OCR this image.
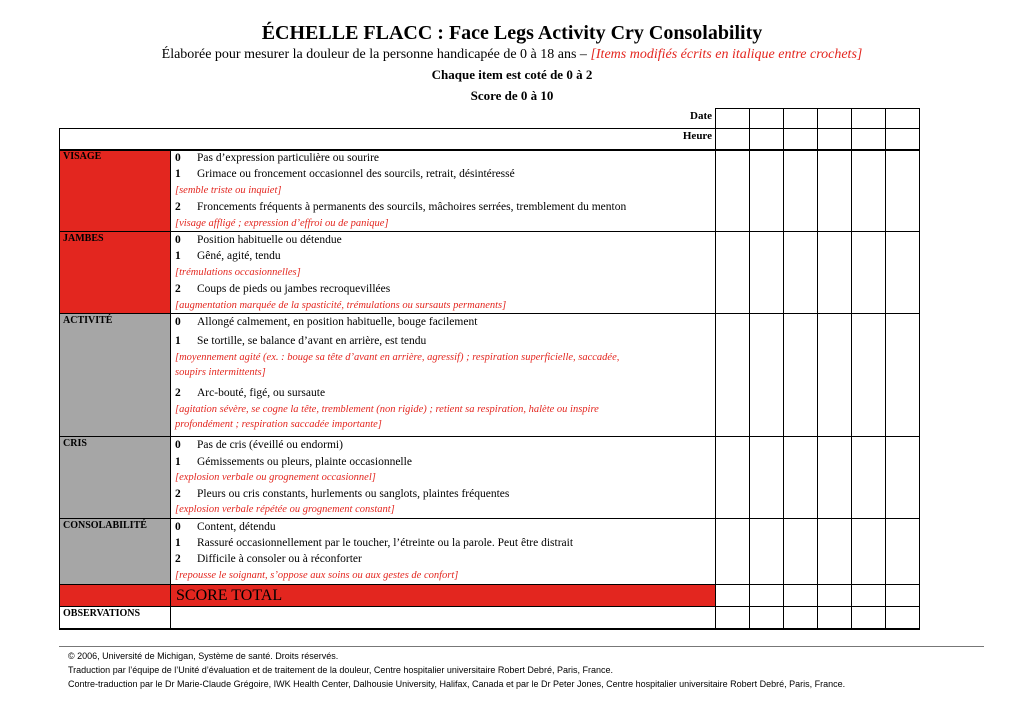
ÉCHELLE FLACC : Face Legs Activity Cry Consolability
Élaborée pour mesurer la douleur de la personne handicapée de 0 à 18 ans – [Items modifiés écrits en italique entre crochets]
Chaque item est coté de 0 à 2
Score de 0 à 10
VISAGE
JAMBES
ACTIVITÉ
CRIS
CONSOLABILITÉ
OBSERVATIONS
Date
Heure
0 Pas d’expression particulière ou sourire
1 Grimace ou froncement occasionnel des sourcils, retrait, désintéressé
[semble triste ou inquiet]
2 Froncements fréquents à permanents des sourcils, mâchoires serrées, tremblement du menton
[visage affligé ; expression d’effroi ou de panique]
0 Position habituelle ou détendue
1 Gêné, agité, tendu
[trémulations occasionnelles]
2 Coups de pieds ou jambes recroquevillées
[augmentation marquée de la spasticité, trémulations ou sursauts permanents]
0 Allongé calmement, en position habituelle, bouge facilement
1 Se tortille, se balance d’avant en arrière, est tendu
[moyennement agité (ex. : bouge sa tête d’avant en arrière, agressif) ; respiration superficielle, saccadée,
soupirs intermittents]
2 Arc-bouté, figé, ou sursaute
[agitation sévère, se cogne la tête, tremblement (non rigide) ; retient sa respiration, halète ou inspire
profondément ; respiration saccadée importante]
0 Pas de cris (éveillé ou endormi)
1 Gémissements ou pleurs, plainte occasionnelle
[explosion verbale ou grognement occasionnel]
2 Pleurs ou cris constants, hurlements ou sanglots, plaintes fréquentes
[explosion verbale répétée ou grognement constant]
0 Content, détendu
1 Rassuré occasionnellement par le toucher, l’étreinte ou la parole. Peut être distrait
2 Difficile à consoler ou à réconforter
[repousse le soignant, s’oppose aux soins ou aux gestes de confort]
SCORE TOTAL
© 2006, Université de Michigan, Système de santé. Droits réservés.
Traduction par l’équipe de l’Unité d’évaluation et de traitement de la douleur, Centre hospitalier universitaire Robert Debré, Paris, France.
Contre-traduction par le Dr Marie-Claude Grégoire, IWK Health Center, Dalhousie University, Halifax, Canada et par le Dr Peter Jones, Centre hospitalier universitaire Robert Debré, Paris, France.
